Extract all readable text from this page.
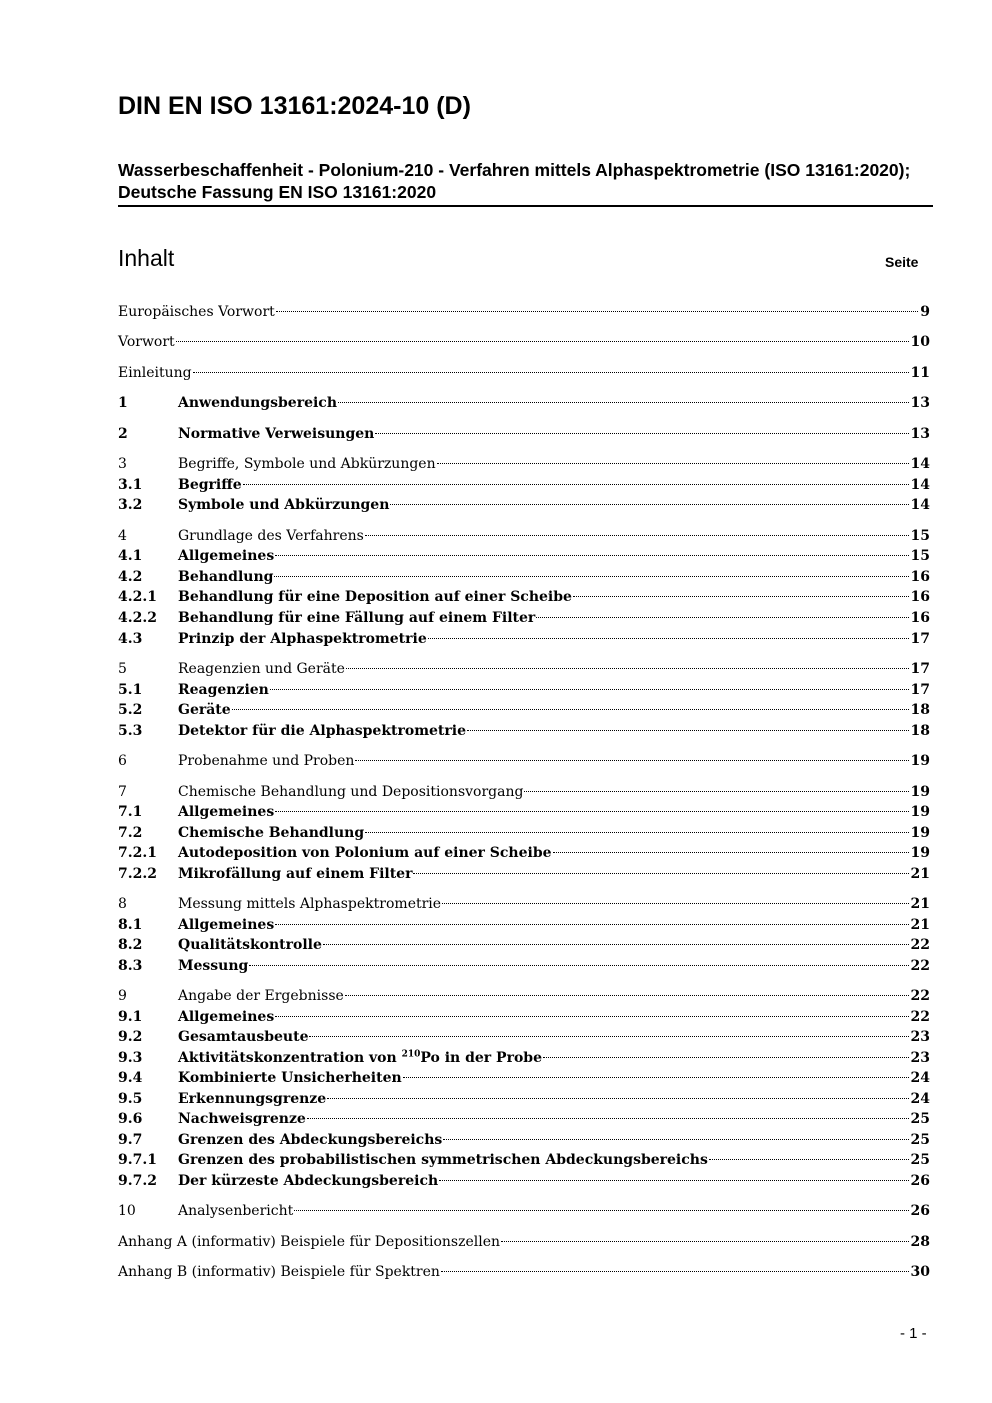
DIN EN ISO 13161:2024-10 (D)
Wasserbeschaffenheit - Polonium-210 - Verfahren mittels Alphaspektrometrie (ISO 13161:2020); Deutsche Fassung EN ISO 13161:2020
Inhalt	Seite
Europäisches Vorwort	9
Vorwort	10
Einleitung	11
1	Anwendungsbereich	13
2	Normative Verweisungen	13
3	Begriffe, Symbole und Abkürzungen	14
3.1	Begriffe	14
3.2	Symbole und Abkürzungen	14
4	Grundlage des Verfahrens	15
4.1	Allgemeines	15
4.2	Behandlung	16
4.2.1	Behandlung für eine Deposition auf einer Scheibe	16
4.2.2	Behandlung für eine Fällung auf einem Filter	16
4.3	Prinzip der Alphaspektrometrie	17
5	Reagenzien und Geräte	17
5.1	Reagenzien	17
5.2	Geräte	18
5.3	Detektor für die Alphaspektrometrie	18
6	Probenahme und Proben	19
7	Chemische Behandlung und Depositionsvorgang	19
7.1	Allgemeines	19
7.2	Chemische Behandlung	19
7.2.1	Autodeposition von Polonium auf einer Scheibe	19
7.2.2	Mikrofällung auf einem Filter	21
8	Messung mittels Alphaspektrometrie	21
8.1	Allgemeines	21
8.2	Qualitätskontrolle	22
8.3	Messung	22
9	Angabe der Ergebnisse	22
9.1	Allgemeines	22
9.2	Gesamtausbeute	23
9.3	Aktivitätskonzentration von $^{210}$Po in der Probe	23
9.4	Kombinierte Unsicherheiten	24
9.5	Erkennungsgrenze	24
9.6	Nachweisgrenze	25
9.7	Grenzen des Abdeckungsbereichs	25
9.7.1	Grenzen des probabilistischen symmetrischen Abdeckungsbereichs	25
9.7.2	Der kürzeste Abdeckungsbereich	26
10	Analysenbericht	26
Anhang A (informativ) Beispiele für Depositionszellen	28
Anhang B (informativ) Beispiele für Spektren	30
- 1 -
